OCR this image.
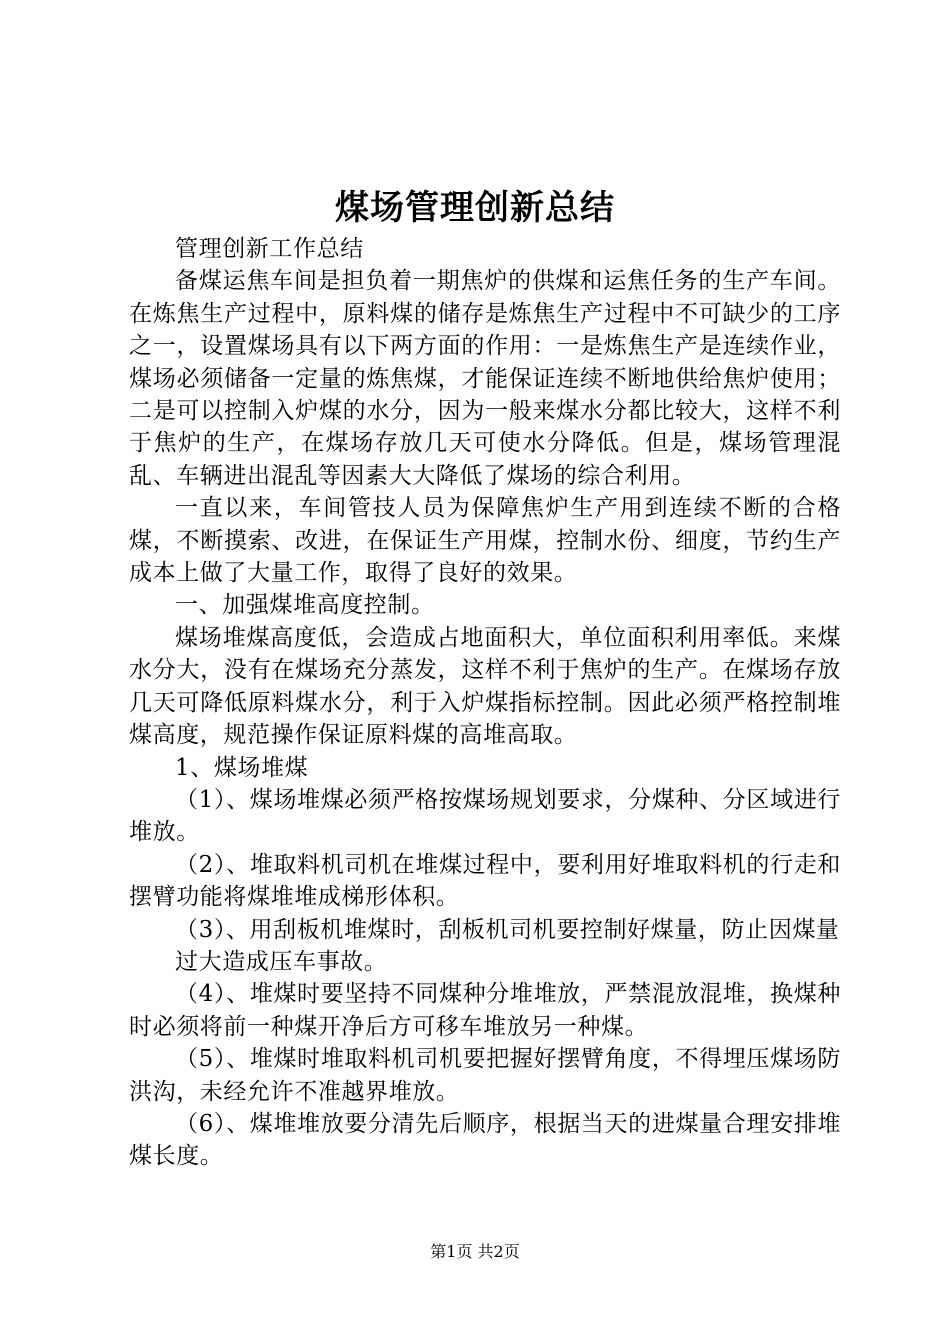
煤场管理创新总结

管理创新工作总结

备煤运焦车间是担负着一期焦炉的供煤和运焦任务的生产车间。在炼焦生产过程中，原料煤的储存是炼焦生产过程中不可缺少的工序之一，设置煤场具有以下两方面的作用：一是炼焦生产是连续作业，煤场必须储备一定量的炼焦煤，才能保证连续不断地供给焦炉使用；二是可以控制入炉煤的水分，因为一般来煤水分都比较大，这样不利于焦炉的生产，在煤场存放几天可使水分降低。但是，煤场管理混乱、车辆进出混乱等因素大大降低了煤场的综合利用。

一直以来，车间管技人员为保障焦炉生产用到连续不断的合格煤，不断摸索、改进，在保证生产用煤，控制水份、细度，节约生产成本上做了大量工作，取得了良好的效果。

一、加强煤堆高度控制。

煤场堆煤高度低，会造成占地面积大，单位面积利用率低。来煤水分大，没有在煤场充分蒸发，这样不利于焦炉的生产。在煤场存放几天可降低原料煤水分，利于入炉煤指标控制。因此必须严格控制堆煤高度，规范操作保证原料煤的高堆高取。

1、煤场堆煤

（1）、煤场堆煤必须严格按煤场规划要求，分煤种、分区域进行堆放。

（2）、堆取料机司机在堆煤过程中，要利用好堆取料机的行走和摆臂功能将煤堆堆成梯形体积。

（3）、用刮板机堆煤时，刮板机司机要控制好煤量，防止因煤量

过大造成压车事故。

（4）、堆煤时要坚持不同煤种分堆堆放，严禁混放混堆，换煤种时必须将前一种煤开净后方可移车堆放另一种煤。

（5）、堆煤时堆取料机司机要把握好摆臂角度，不得埋压煤场防洪沟，未经允许不准越界堆放。

（6）、煤堆堆放要分清先后顺序，根据当天的进煤量合理安排堆煤长度。

第1页 共2页
